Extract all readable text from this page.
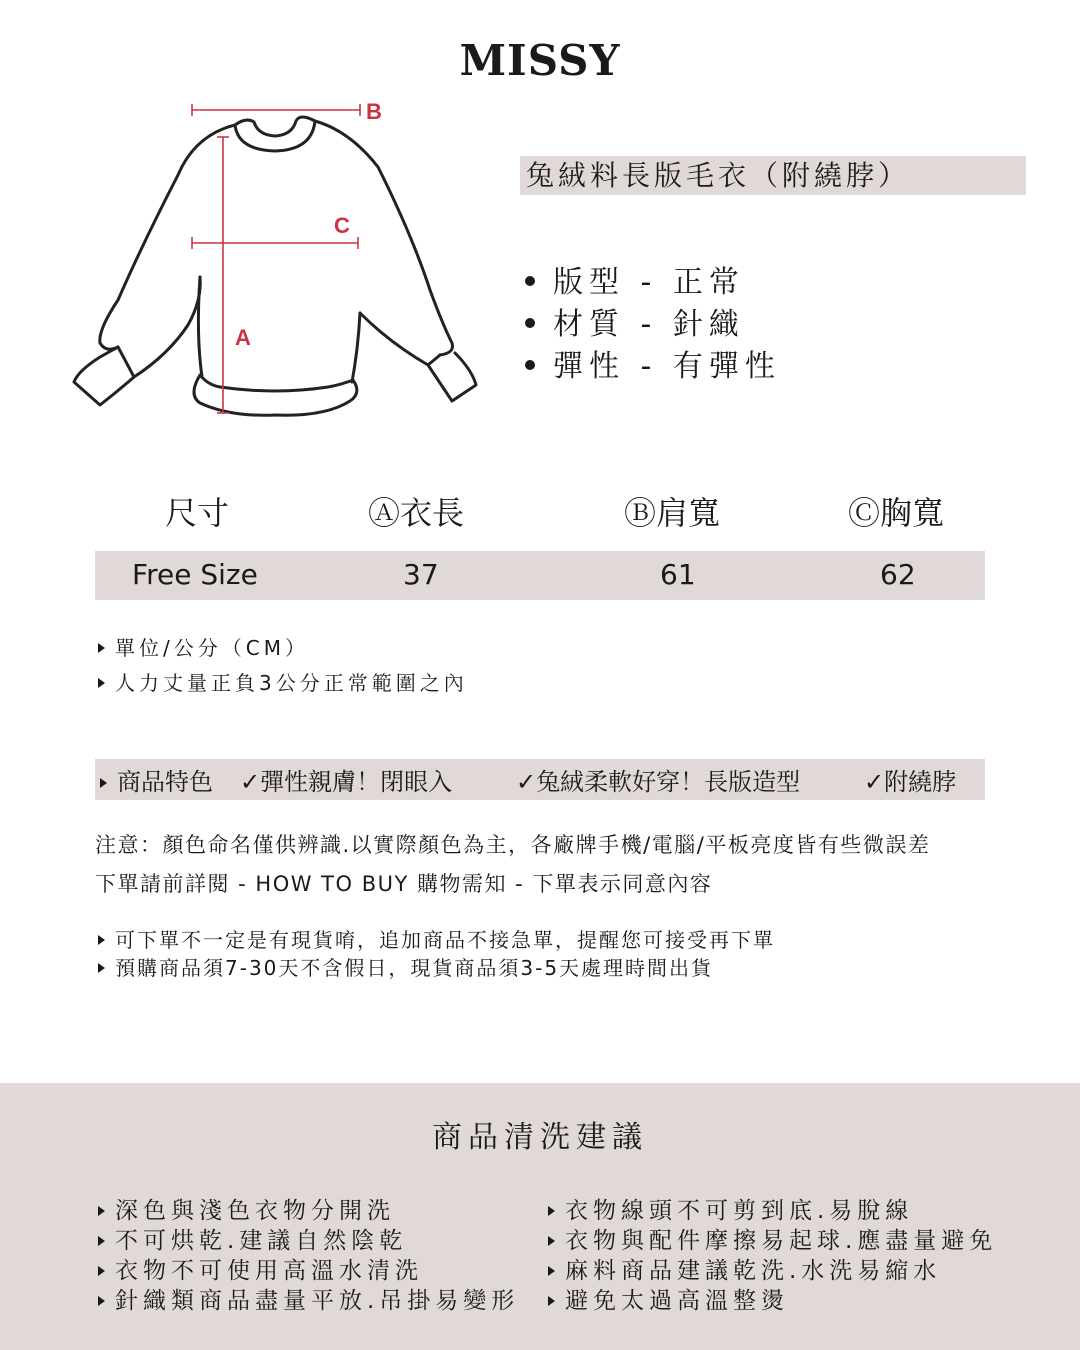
MISSY
B
C
A
兔絨料長版毛衣（附繞脖）
版型 - 正常
材質 - 針織
彈性 - 有彈性
尺寸	Ⓐ衣長	Ⓑ肩寬	Ⓒ胸寬
Free Size	37	61	62
單位/公分（CM）
人力丈量正負3公分正常範圍之內
商品特色 ✓彈性親膚！閉眼入	✓兔絨柔軟好穿！長版造型	✓附繞脖
注意：顏色命名僅供辨識.以實際顏色為主，各廠牌手機/電腦/平板亮度皆有些微誤差
下單請前詳閱 - HOW TO BUY 購物需知 - 下單表示同意內容
可下單不一定是有現貨唷，追加商品不接急單，提醒您可接受再下單
預購商品須7-30天不含假日，現貨商品須3-5天處理時間出貨
商品清洗建議
深色與淺色衣物分開洗
不可烘乾.建議自然陰乾
衣物不可使用高溫水清洗
針織類商品盡量平放.吊掛易變形
衣物線頭不可剪到底.易脫線
衣物與配件摩擦易起球.應盡量避免
麻料商品建議乾洗.水洗易縮水
避免太過高溫整燙
